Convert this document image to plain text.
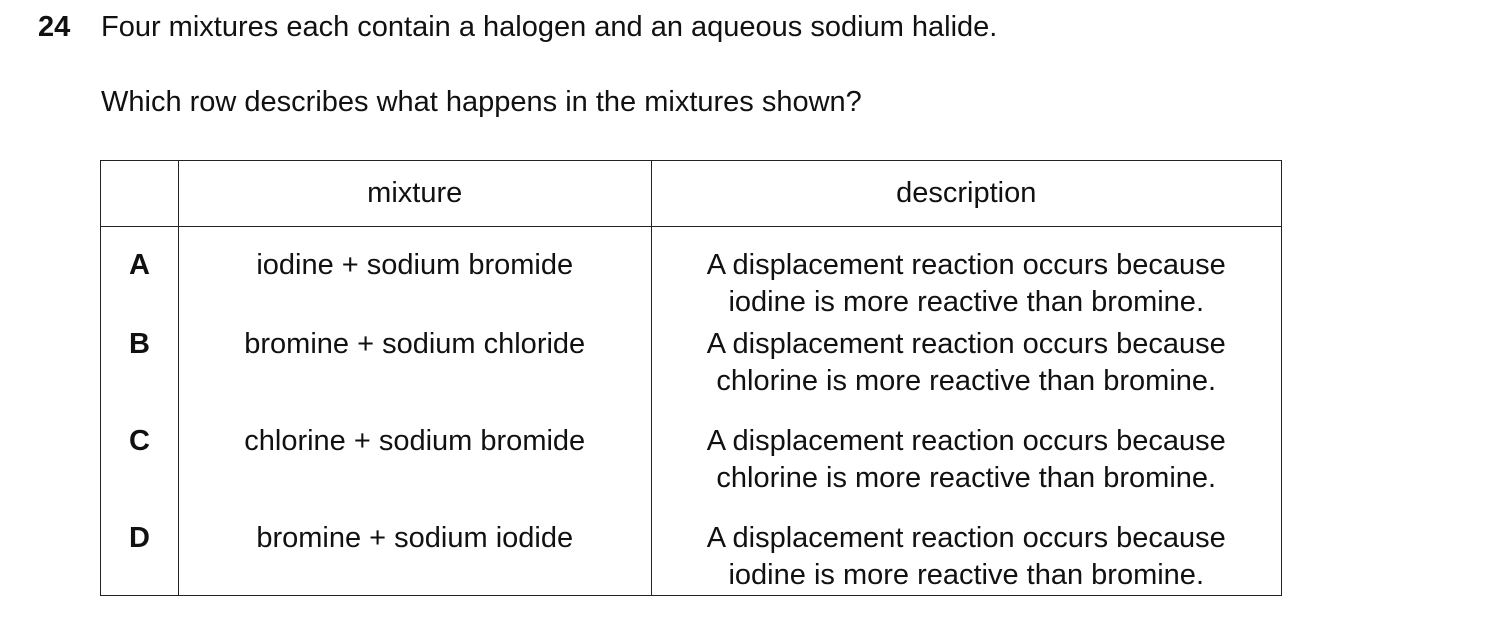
24 Four mixtures each contain a halogen and an aqueous sodium halide.
Which row describes what happens in the mixtures shown?
	mixture	description
A	iodine + sodium bromide	A displacement reaction occurs because
iodine is more reactive than bromine.

B	bromine + sodium chloride	A displacement reaction occurs because
chlorine is more reactive than bromine.

C	chlorine + sodium bromide	A displacement reaction occurs because
chlorine is more reactive than bromine.

D	bromine + sodium iodide	A displacement reaction occurs because
iodine is more reactive than bromine.
